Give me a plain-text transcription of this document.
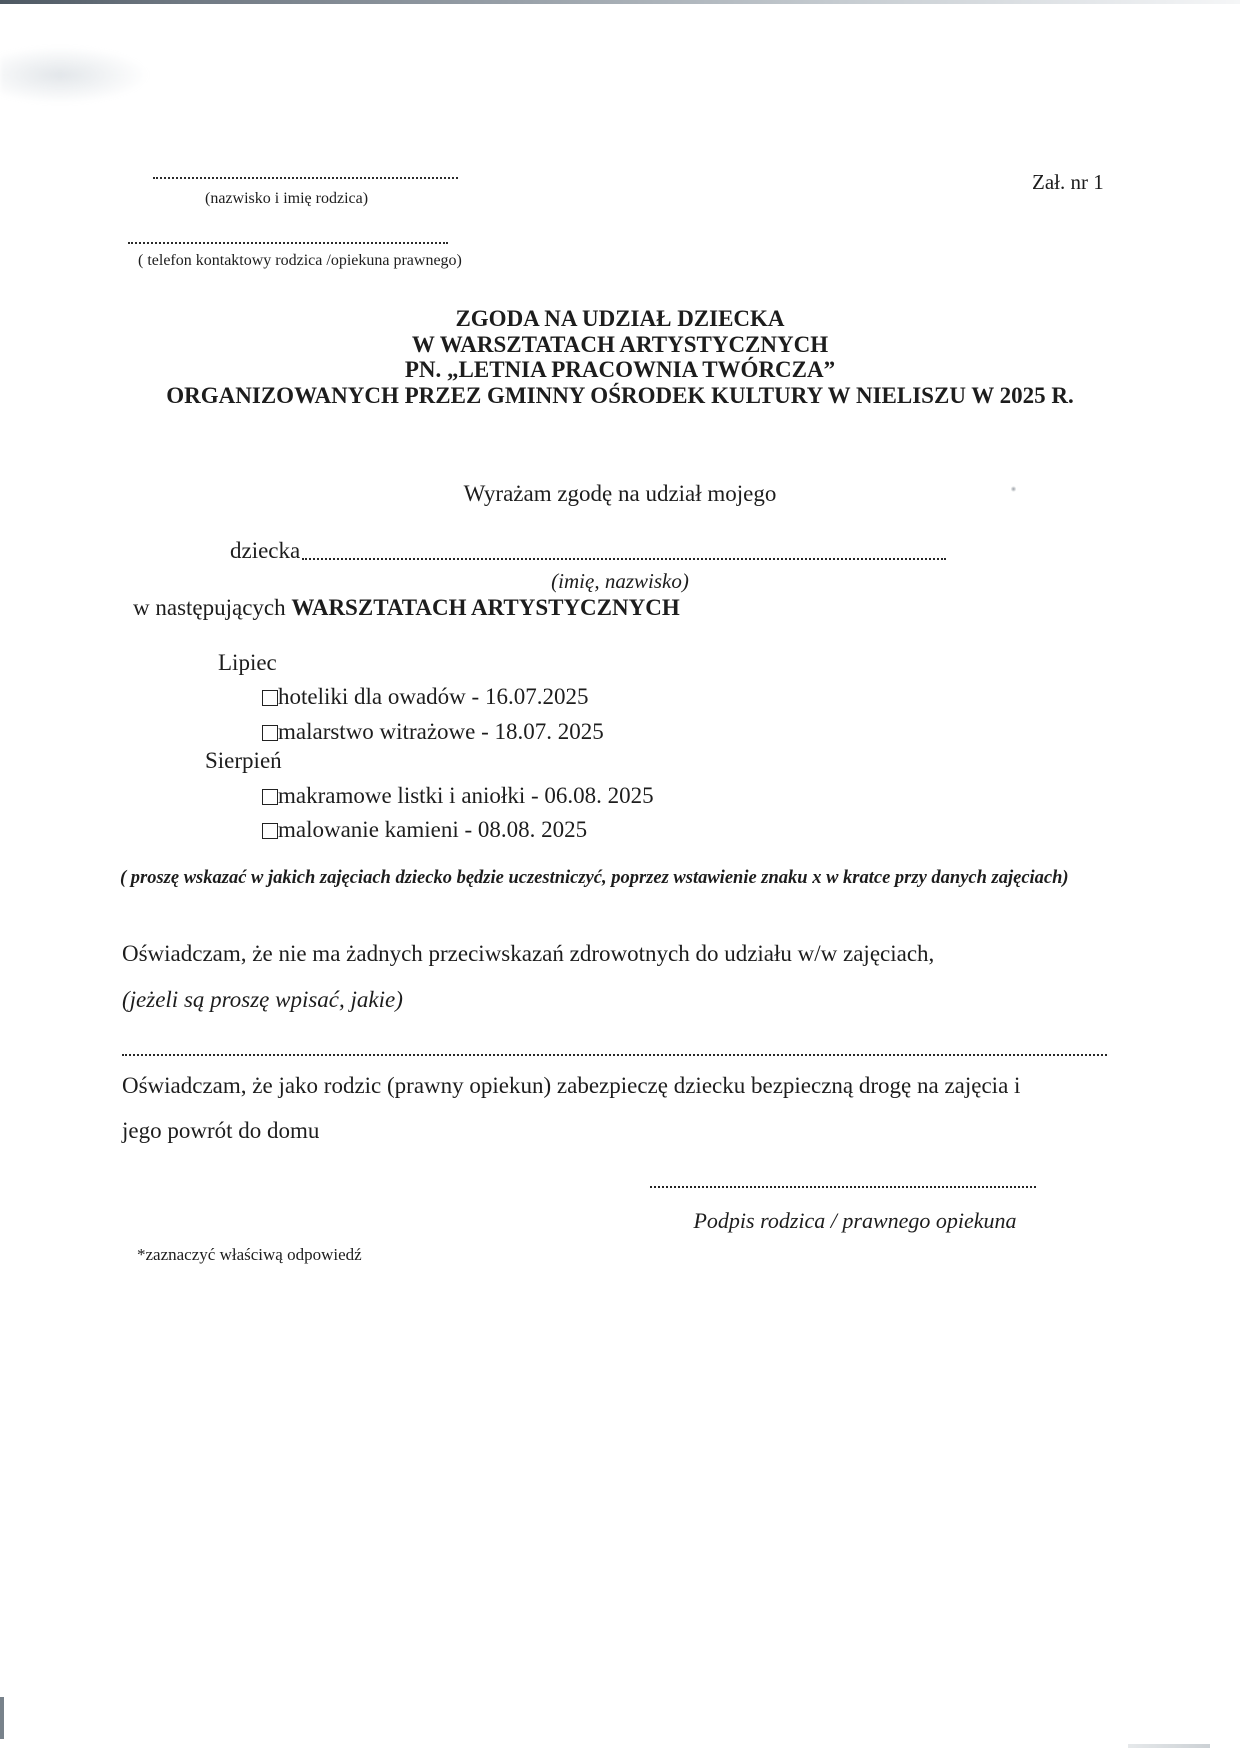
(nazwisko i imię rodzica)
( telefon kontaktowy rodzica /opiekuna prawnego)
Zał. nr 1
ZGODA NA UDZIAŁ DZIECKA
W WARSZTATACH ARTYSTYCZNYCH
PN. „LETNIA PRACOWNIA TWÓRCZA”
ORGANIZOWANYCH PRZEZ GMINNY OŚRODEK KULTURY W NIELISZU W 2025 R.
Wyrażam zgodę na udział mojego
dziecka
(imię, nazwisko)
w następujących WARSZTATACH ARTYSTYCZNYCH
Lipiec
hoteliki dla owadów - 16.07.2025
malarstwo witrażowe - 18.07. 2025
Sierpień
makramowe listki i aniołki - 06.08. 2025
malowanie kamieni - 08.08. 2025
( proszę wskazać w jakich zajęciach dziecko będzie uczestniczyć, poprzez wstawienie znaku x w kratce przy danych zajęciach)
Oświadczam, że nie ma żadnych przeciwskazań zdrowotnych do udziału w/w zajęciach,
(jeżeli są proszę wpisać, jakie)
Oświadczam, że jako rodzic (prawny opiekun) zabezpieczę dziecku bezpieczną drogę na zajęcia i
jego powrót do domu
Podpis rodzica / prawnego opiekuna
*zaznaczyć właściwą odpowiedź
